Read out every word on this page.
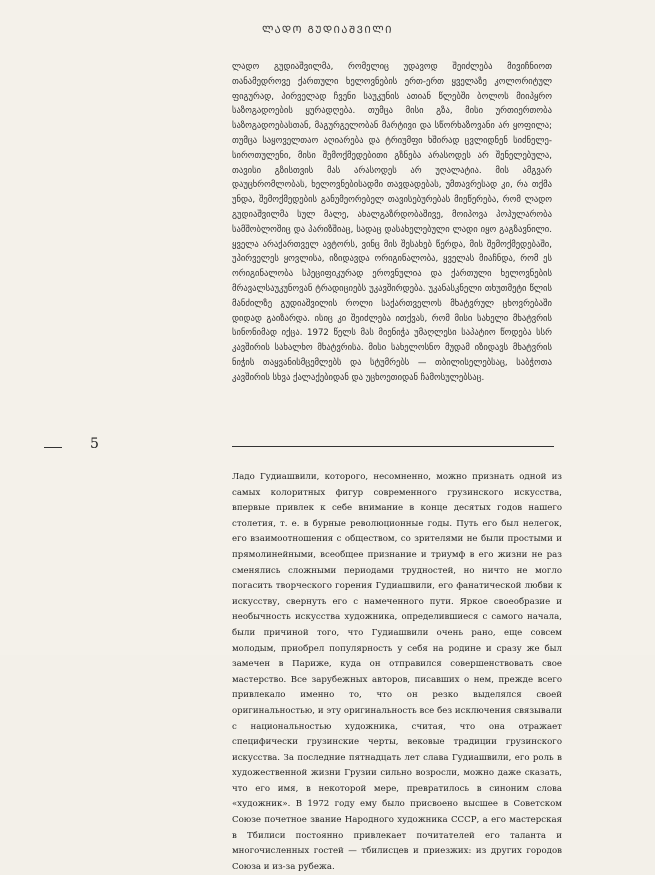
ᲚᲐᲓᲝ ᲒᲣᲓᲘᲐᲨᲕᲘᲚᲘ
ლადო გუდიაშვილმა, რომელიც უდავოდ შეიძლება მივიჩნიოთ თანამედროვე ქართული ხელოვნების ერთ-ერთ ყველაზე კოლორიტულ ფიგურად, პირველად ჩვენი საუკუნის ათიან წლებში ბოლოს მიიპყრო საზოგადოების ყურადღება. თუმცა მისი გზა, მისი ურთიერთობა საზოგადოებასთან, მაგურგელობან მარტივი და სწორხაზოვანი არ ყოფილა; თუმცა საყოველთაო აღიარება და ტრიუმფი ხშირად ცვლიდნენ სიძნელე-სიროთულენი, მისი შემოქმედებითი გზნება არასოდეს არ შენელებულა, თავისი გზისთვის მას არასოდეს არ უღალატია. მის ამგვარ დაუცხრომლობას, ხელოვნებისადმი თავდადებას, უმთავრესად კი, რა თქმა უნდა, შემოქმედების განუმეორებელ თავისებურებას მიეწერება, რომ ლადო გუდიაშვილმა სულ მალე, ახალგაზრდობაშივე, მოიპოვა პოპულარობა სამშობლოშიც და პარიზშიაც, სადაც დასახელებული ლადი იყო გაგზავნილი. ყველა არაქართველ ავტორს, ვინც მის შესახებ წერდა, მის შემოქმედებაში, უპირველეს ყოვლისა, იზიდავდა ორიგინალობა, ყველას მიაჩნდა, რომ ეს ორიგინალობა სპეციფიკურად ეროვნულია და ქართული ხელოვნების მრავალსაუკუნოვან ტრადიციებს უკავშირდება. უკანასკნელი თხუთმეტი წლის მანძილზე გუდიაშვილის როლი საქართველოს მხატვრულ ცხოვრებაში დიდად გაიზარდა. ისიც კი შეიძლება ითქვას, რომ მისი სახელი მხატვრის სინონიმად იქცა. 1972 წელს მას მიენიჭა უმაღლესი საპატიო წოდება სსრ კავშირის სახალხო მხატვრისა. მისი სახელოსნო მუდამ იზიდავს მხატვრის ნიჭის თაყვანისმცემლებს და სტუმრებს — თბილისელებსაც, საბჭოთა კავშირის სხვა ქალაქებიდან და უცხოეთიდან ჩამოსულებსაც.
5
Ладо Гудиашвили, которого, несомненно, можно признать одной из самых колоритных фигур современного грузинского искусства, впервые привлек к себе внимание в конце десятых годов нашего столетия, т. е. в бурные революционные годы. Путь его был нелегок, его взаимоотношения с обществом, со зрителями не были простыми и прямолинейными, всеобщее признание и триумф в его жизни не раз сменялись сложными периодами трудностей, но ничто не могло погасить творческого горения Гудиашвили, его фанатической любви к искусству, свернуть его с намеченного пути. Яркое своеобразие и необычность искусства художника, определившиеся с самого начала, были причиной того, что Гудиашвили очень рано, еще совсем молодым, приобрел популярность у себя на родине и сразу же был замечен в Париже, куда он отправился совершенствовать свое мастерство. Все зарубежных авторов, писавших о нем, прежде всего привлекало именно то, что он резко выделялся своей оригинальностью, и эту оригинальность все без исключения связывали с национальностью художника, считая, что она отражает специфически грузинские черты, вековые традиции грузинского искусства. За последние пятнадцать лет слава Гудиашвили, его роль в художественной жизни Грузии сильно возросли, можно даже сказать, что его имя, в некоторой мере, превратилось в синоним слова «художник». В 1972 году ему было присвоено высшее в Советском Союзе почетное звание Народного художника СССР, а его мастерская в Тбилиси постоянно привлекает почитателей его таланта и многочисленных гостей — тбилисцев и приезжих: из других городов Союза и из-за рубежа.
